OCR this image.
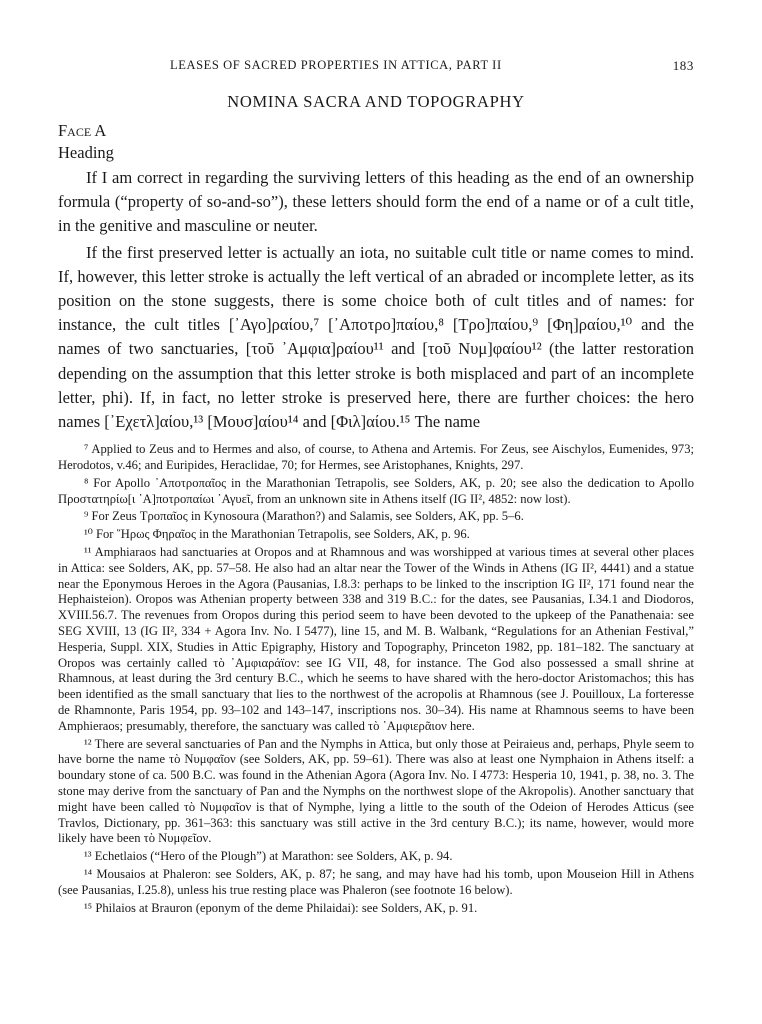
LEASES OF SACRED PROPERTIES IN ATTICA, PART II	183
NOMINA SACRA AND TOPOGRAPHY
Face A
Heading

If I am correct in regarding the surviving letters of this heading as the end of an ownership formula (“property of so-and-so”), these letters should form the end of a name or of a cult title, in the genitive and masculine or neuter.

If the first preserved letter is actually an iota, no suitable cult title or name comes to mind. If, however, this letter stroke is actually the left vertical of an abraded or incomplete letter, as its position on the stone suggests, there is some choice both of cult titles and of names: for instance, the cult titles [᾿Αγο]ραίου,⁷ [᾿Αποτρο]παίου,⁸ [Τρο]παίου,⁹ [Φη]ραίου,¹⁰ and the names of two sanctuaries, [τοῦ ᾿Αμφια]ραίου¹¹ and [τοῦ Νυμ]φαίου¹² (the latter restoration depending on the assumption that this letter stroke is both misplaced and part of an incomplete letter, phi). If, in fact, no letter stroke is preserved here, there are further choices: the hero names [᾿Εχετλ]αίου,¹³ [Μουσ]αίου¹⁴ and [Φιλ]αίου.¹⁵ The name

⁷ Applied to Zeus and to Hermes and also, of course, to Athena and Artemis. For Zeus, see Aischylos, Eumenides, 973; Herodotos, v.46; and Euripides, Heraclidae, 70; for Hermes, see Aristophanes, Knights, 297.

⁸ For Apollo ᾿Αποτροπαῖος in the Marathonian Tetrapolis, see Solders, AK, p. 20; see also the dedication to Apollo Προστατηρίω[ι ᾿Α]ποτροπαίωι ᾿Αγυεῖ, from an unknown site in Athens itself (IG II², 4852: now lost).

⁹ For Zeus Τροπαῖος in Kynosoura (Marathon?) and Salamis, see Solders, AK, pp. 5–6.

¹⁰ For ῞Ηρως Φηραῖος in the Marathonian Tetrapolis, see Solders, AK, p. 96.

¹¹ Amphiaraos had sanctuaries at Oropos and at Rhamnous and was worshipped at various times at several other places in Attica: see Solders, AK, pp. 57–58. He also had an altar near the Tower of the Winds in Athens (IG II², 4441) and a statue near the Eponymous Heroes in the Agora (Pausanias, I.8.3: perhaps to be linked to the inscription IG II², 171 found near the Hephaisteion). Oropos was Athenian property between 338 and 319 B.C.: for the dates, see Pausanias, I.34.1 and Diodoros, XVIII.56.7. The revenues from Oropos during this period seem to have been devoted to the upkeep of the Panathenaia: see SEG XVIII, 13 (IG II², 334 + Agora Inv. No. I 5477), line 15, and M. B. Walbank, “Regulations for an Athenian Festival,” Hesperia, Suppl. XIX, Studies in Attic Epigraphy, History and Topography, Princeton 1982, pp. 181–182. The sanctuary at Oropos was certainly called τὸ ᾿Αμφιαράϊον: see IG VII, 48, for instance. The God also possessed a small shrine at Rhamnous, at least during the 3rd century B.C., which he seems to have shared with the hero-doctor Aristomachos; this has been identified as the small sanctuary that lies to the northwest of the acropolis at Rhamnous (see J. Pouilloux, La forteresse de Rhamnonte, Paris 1954, pp. 93–102 and 143–147, inscriptions nos. 30–34). His name at Rhamnous seems to have been Amphieraos; presumably, therefore, the sanctuary was called τὸ ᾿Αμφιερᾶιον here.

¹² There are several sanctuaries of Pan and the Nymphs in Attica, but only those at Peiraieus and, perhaps, Phyle seem to have borne the name τὸ Νυμφαῖον (see Solders, AK, pp. 59–61). There was also at least one Nymphaion in Athens itself: a boundary stone of ca. 500 B.C. was found in the Athenian Agora (Agora Inv. No. I 4773: Hesperia 10, 1941, p. 38, no. 3. The stone may derive from the sanctuary of Pan and the Nymphs on the northwest slope of the Akropolis). Another sanctuary that might have been called τὸ Νυμφαῖον is that of Nymphe, lying a little to the south of the Odeion of Herodes Atticus (see Travlos, Dictionary, pp. 361–363: this sanctuary was still active in the 3rd century B.C.); its name, however, would more likely have been τὸ Νυμφεῖον.

¹³ Echetlaios (“Hero of the Plough”) at Marathon: see Solders, AK, p. 94.

¹⁴ Mousaios at Phaleron: see Solders, AK, p. 87; he sang, and may have had his tomb, upon Mouseion Hill in Athens (see Pausanias, I.25.8), unless his true resting place was Phaleron (see footnote 16 below).

¹⁵ Philaios at Brauron (eponym of the deme Philaidai): see Solders, AK, p. 91.
